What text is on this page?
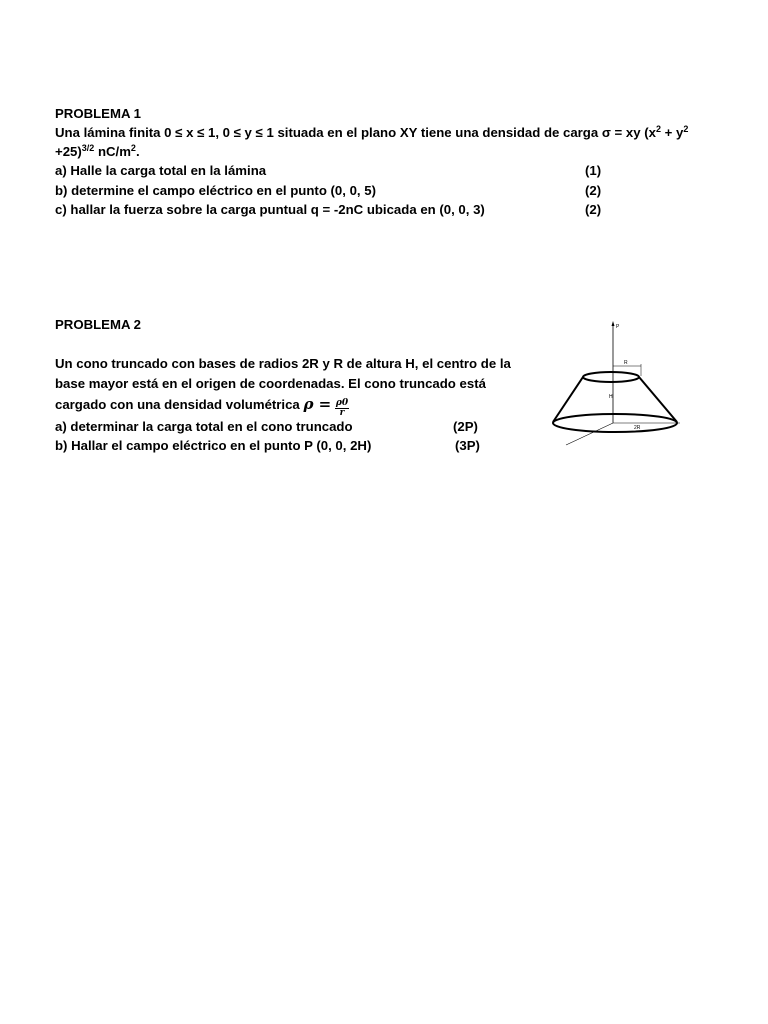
PROBLEMA 1
Una lámina finita 0 ≤ x ≤ 1, 0 ≤ y ≤ 1 situada en el plano XY tiene una densidad de carga σ = xy ($x^2 + y^2$
+25)$^{3/2}$ $nC/m^2$.
a) Halle la carga total en la lámina	(1)
b) determine el campo eléctrico en el punto (0, 0, 5)	(2)
c) hallar la fuerza sobre la carga puntual q = -2nC ubicada en (0, 0, 3)	(2)
PROBLEMA 2
Un cono truncado con bases de radios 2R y R de altura H, el centro de la
base mayor está en el origen de coordenadas. El cono truncado está
cargado con una densidad volumétrica $\rho = \frac{\rho 0}{r}$
a) determinar la carga total en el cono truncado	(2P)
b) Hallar el campo eléctrico en el punto P (0, 0, 2H)	(3P)
P
R
H
2R
